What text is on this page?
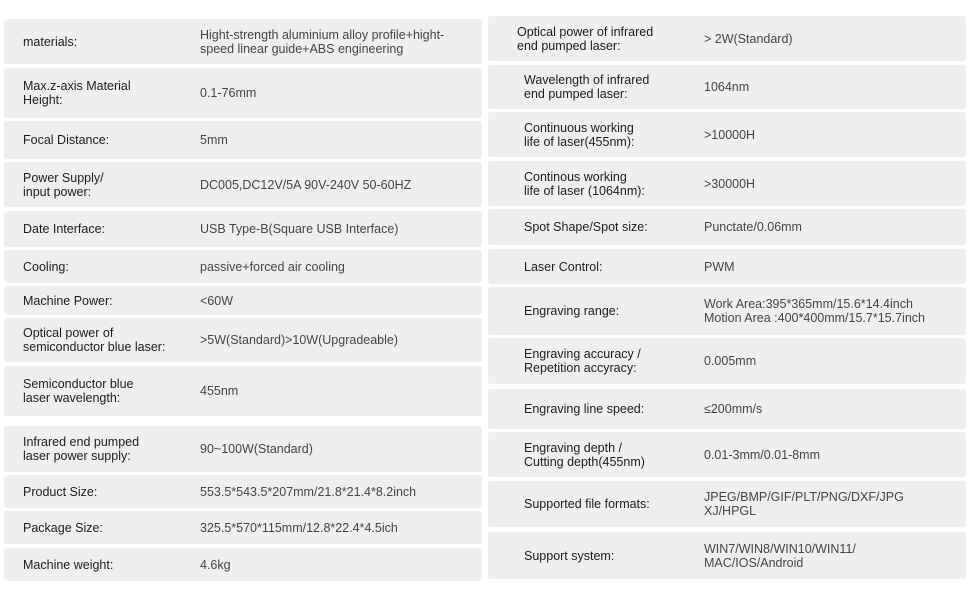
materials:	Hight-strength aluminium alloy profile+hight-
speed linear guide+ABS engineering
Max.z-axis Material
Height:	0.1-76mm
Focal Distance:	5mm
Power Supply/
input power:	DC005,DC12V/5A 90V-240V 50-60HZ
Date Interface:	USB Type-B(Square USB Interface)
Cooling:	passive+forced air cooling
Machine Power:	<60W
Optical power of
semiconductor blue laser:	>5W(Standard)>10W(Upgradeable)
Semiconductor blue
laser wavelength:	455nm
Infrared end pumped
laser power supply:	90~100W(Standard)
Product Size:	553.5*543.5*207mm/21.8*21.4*8.2inch
Package Size:	325.5*570*115mm/12.8*22.4*4.5ich
Machine weight:	4.6kg
Optical power of infrared
end pumped laser:	> 2W(Standard)
Wavelength of infrared
end pumped laser:	1064nm
Continuous working
life of laser(455nm):	>10000H
Continous working
life of laser (1064nm):	>30000H
Spot Shape/Spot size:	Punctate/0.06mm
Laser Control:	PWM
Engraving range:	Work Area:395*365mm/15.6*14.4inch
Motion Area :400*400mm/15.7*15.7inch
Engraving accuracy /
Repetition accyracy:	0.005mm
Engraving line speed:	≤200mm/s
Engraving depth /
Cutting depth(455nm)	0.01-3mm/0.01-8mm
Supported file formats:	JPEG/BMP/GIF/PLT/PNG/DXF/JPG
XJ/HPGL
Support system:	WIN7/WIN8/WIN10/WIN11/
MAC/IOS/Android
